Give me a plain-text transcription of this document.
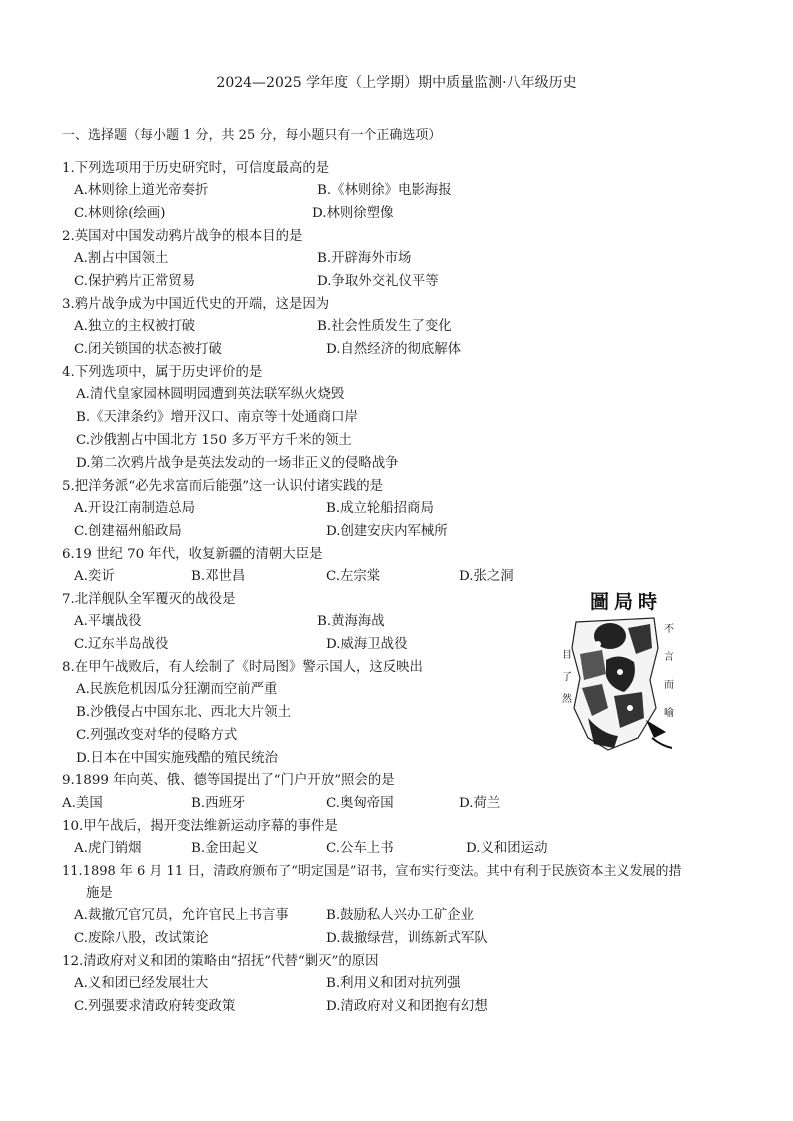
2024—2025 学年度（上学期）期中质量监测·八年级历史
一、选择题（每小题 1 分，共 25 分，每小题只有一个正确选项）
1.下列选项用于历史研究时，可信度最高的是
A.林则徐上道光帝奏折	B.《林则徐》电影海报
C.林则徐(绘画)	D.林则徐塑像
2.英国对中国发动鸦片战争的根本目的是
A.割占中国领土	B.开辟海外市场
C.保护鸦片正常贸易	D.争取外交礼仪平等
3.鸦片战争成为中国近代史的开端，这是因为
A.独立的主权被打破	B.社会性质发生了变化
C.闭关锁国的状态被打破	D.自然经济的彻底解体
4.下列选项中，属于历史评价的是
A.清代皇家园林圆明园遭到英法联军纵火烧毁
B.《天津条约》增开汉口、南京等十处通商口岸
C.沙俄割占中国北方 150 多万平方千米的领土
D.第二次鸦片战争是英法发动的一场非正义的侵略战争
5.把洋务派“必先求富而后能强”这一认识付诸实践的是
A.开设江南制造总局	B.成立轮船招商局
C.创建福州船政局	D.创建安庆内军械所
6.19 世纪 70 年代，收复新疆的清朝大臣是
A.奕䜣	B.邓世昌	C.左宗棠	D.张之洞
7.北洋舰队全军覆灭的战役是
A.平壤战役	B.黄海海战
C.辽东半岛战役	D.威海卫战役
8.在甲午战败后，有人绘制了《时局图》警示国人，这反映出
A.民族危机因瓜分狂潮而空前严重
B.沙俄侵占中国东北、西北大片领土
C.列强改变对华的侵略方式
D.日本在中国实施残酷的殖民统治
9.1899 年向英、俄、德等国提出了“门户开放”照会的是
A.美国	B.西班牙	C.奥匈帝国	D.荷兰
10.甲午战后，揭开变法维新运动序幕的事件是
A.虎门销烟	B.金田起义	C.公车上书	D.义和团运动
11.1898 年 6 月 11 日，清政府颁布了“明定国是”诏书，宣布实行变法。其中有利于民族资本主义发展的措
施是
A.裁撤冗官冗员，允许官民上书言事	B.鼓励私人兴办工矿企业
C.废除八股，改试策论	D.裁撤绿营，训练新式军队
12.清政府对义和团的策略由“招抚”代替“剿灭”的原因
A.义和团已经发展壮大	B.利用义和团对抗列强
C.列强要求清政府转变政策	D.清政府对义和团抱有幻想
圖 局 時
目
了
然
不
言
而
喻
